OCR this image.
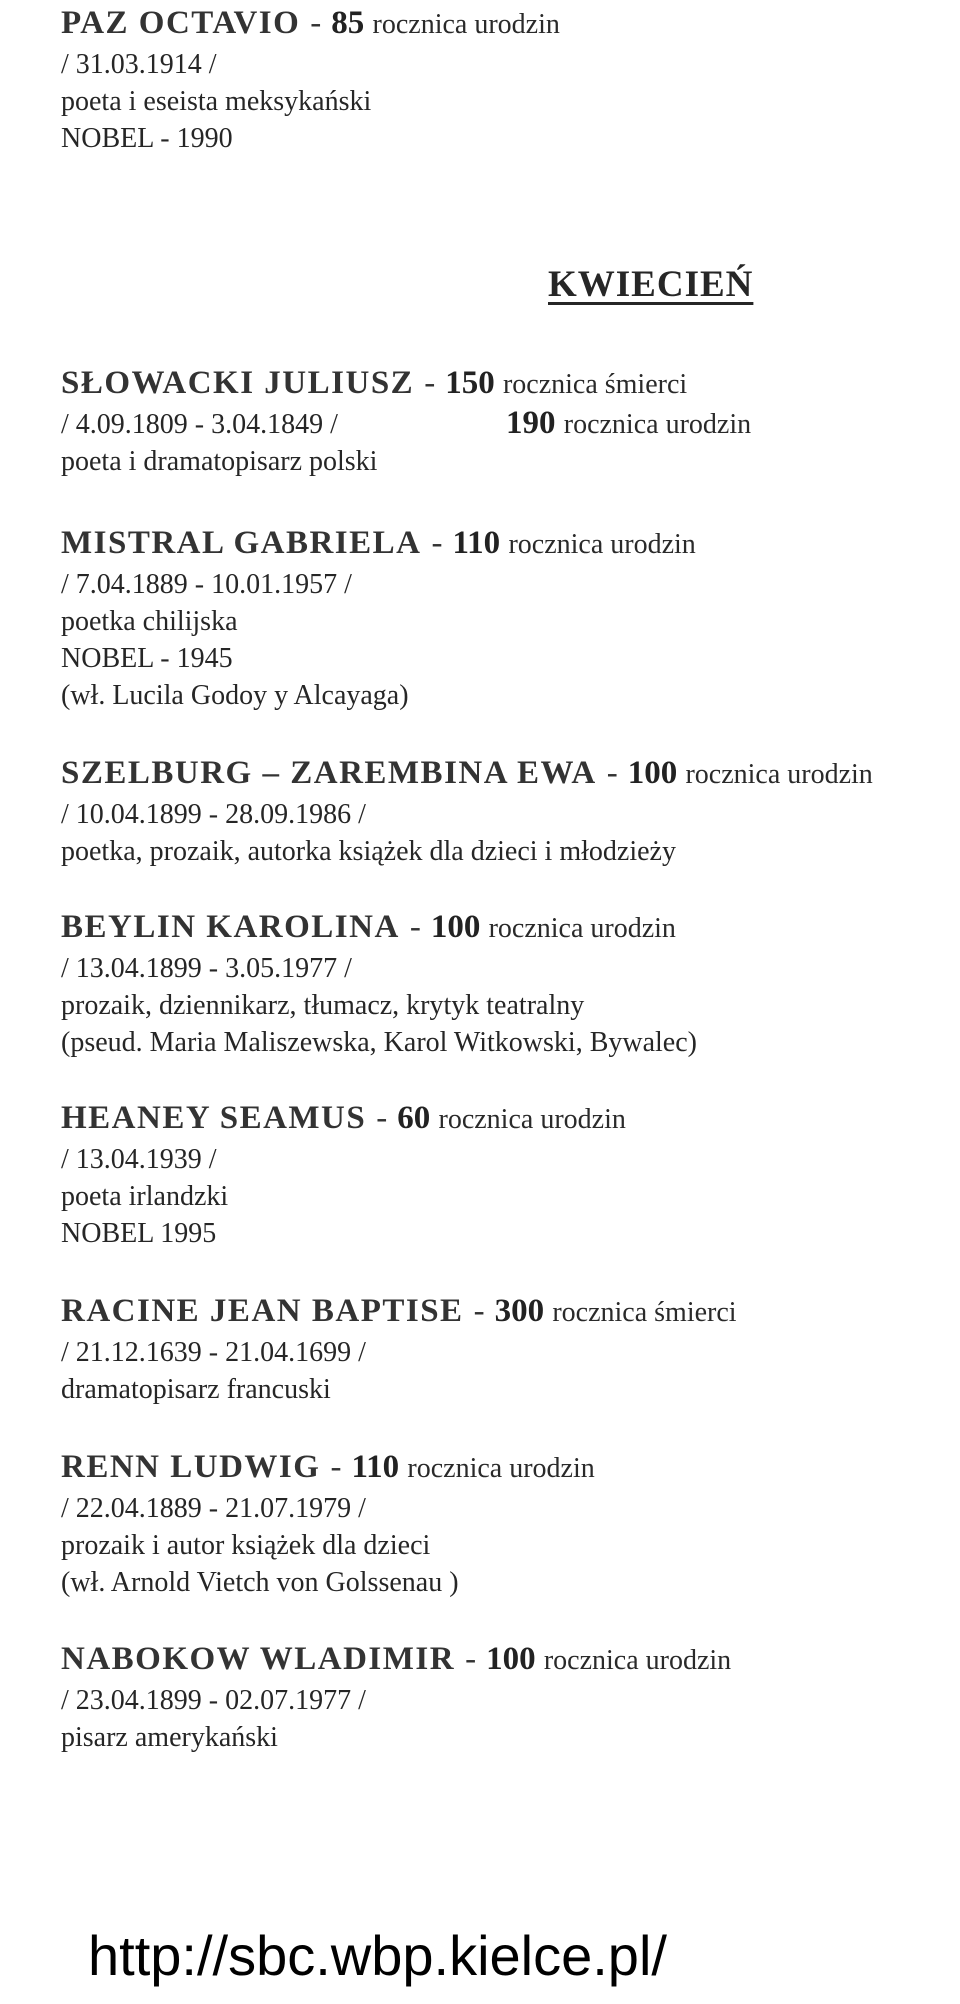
PAZ OCTAVIO - 85 rocznica urodzin
/ 31.03.1914 /
poeta i eseista meksykański
NOBEL - 1990
KWIECIEŃ
SŁOWACKI JULIUSZ - 150 rocznica śmierci
/ 4.09.1809 - 3.04.1849 /	190 rocznica urodzin
poeta i dramatopisarz polski
MISTRAL GABRIELA - 110 rocznica urodzin
/ 7.04.1889 - 10.01.1957 /
poetka chilijska
NOBEL - 1945
(wł. Lucila Godoy y Alcayaga)
SZELBURG – ZAREMBINA EWA - 100 rocznica urodzin
/ 10.04.1899 - 28.09.1986 /
poetka, prozaik, autorka książek dla dzieci i młodzieży
BEYLIN KAROLINA - 100 rocznica urodzin
/ 13.04.1899 - 3.05.1977 /
prozaik, dziennikarz, tłumacz, krytyk teatralny
(pseud. Maria Maliszewska, Karol Witkowski, Bywalec)
HEANEY SEAMUS - 60 rocznica urodzin
/ 13.04.1939 /
poeta irlandzki
NOBEL 1995
RACINE JEAN BAPTISE - 300 rocznica śmierci
/ 21.12.1639 - 21.04.1699 /
dramatopisarz francuski
RENN LUDWIG - 110 rocznica urodzin
/ 22.04.1889 - 21.07.1979 /
prozaik i autor książek dla dzieci
(wł. Arnold Vietch von Golssenau )
NABOKOW WLADIMIR - 100 rocznica urodzin
/ 23.04.1899 - 02.07.1977 /
pisarz amerykański
http://sbc.wbp.kielce.pl/
